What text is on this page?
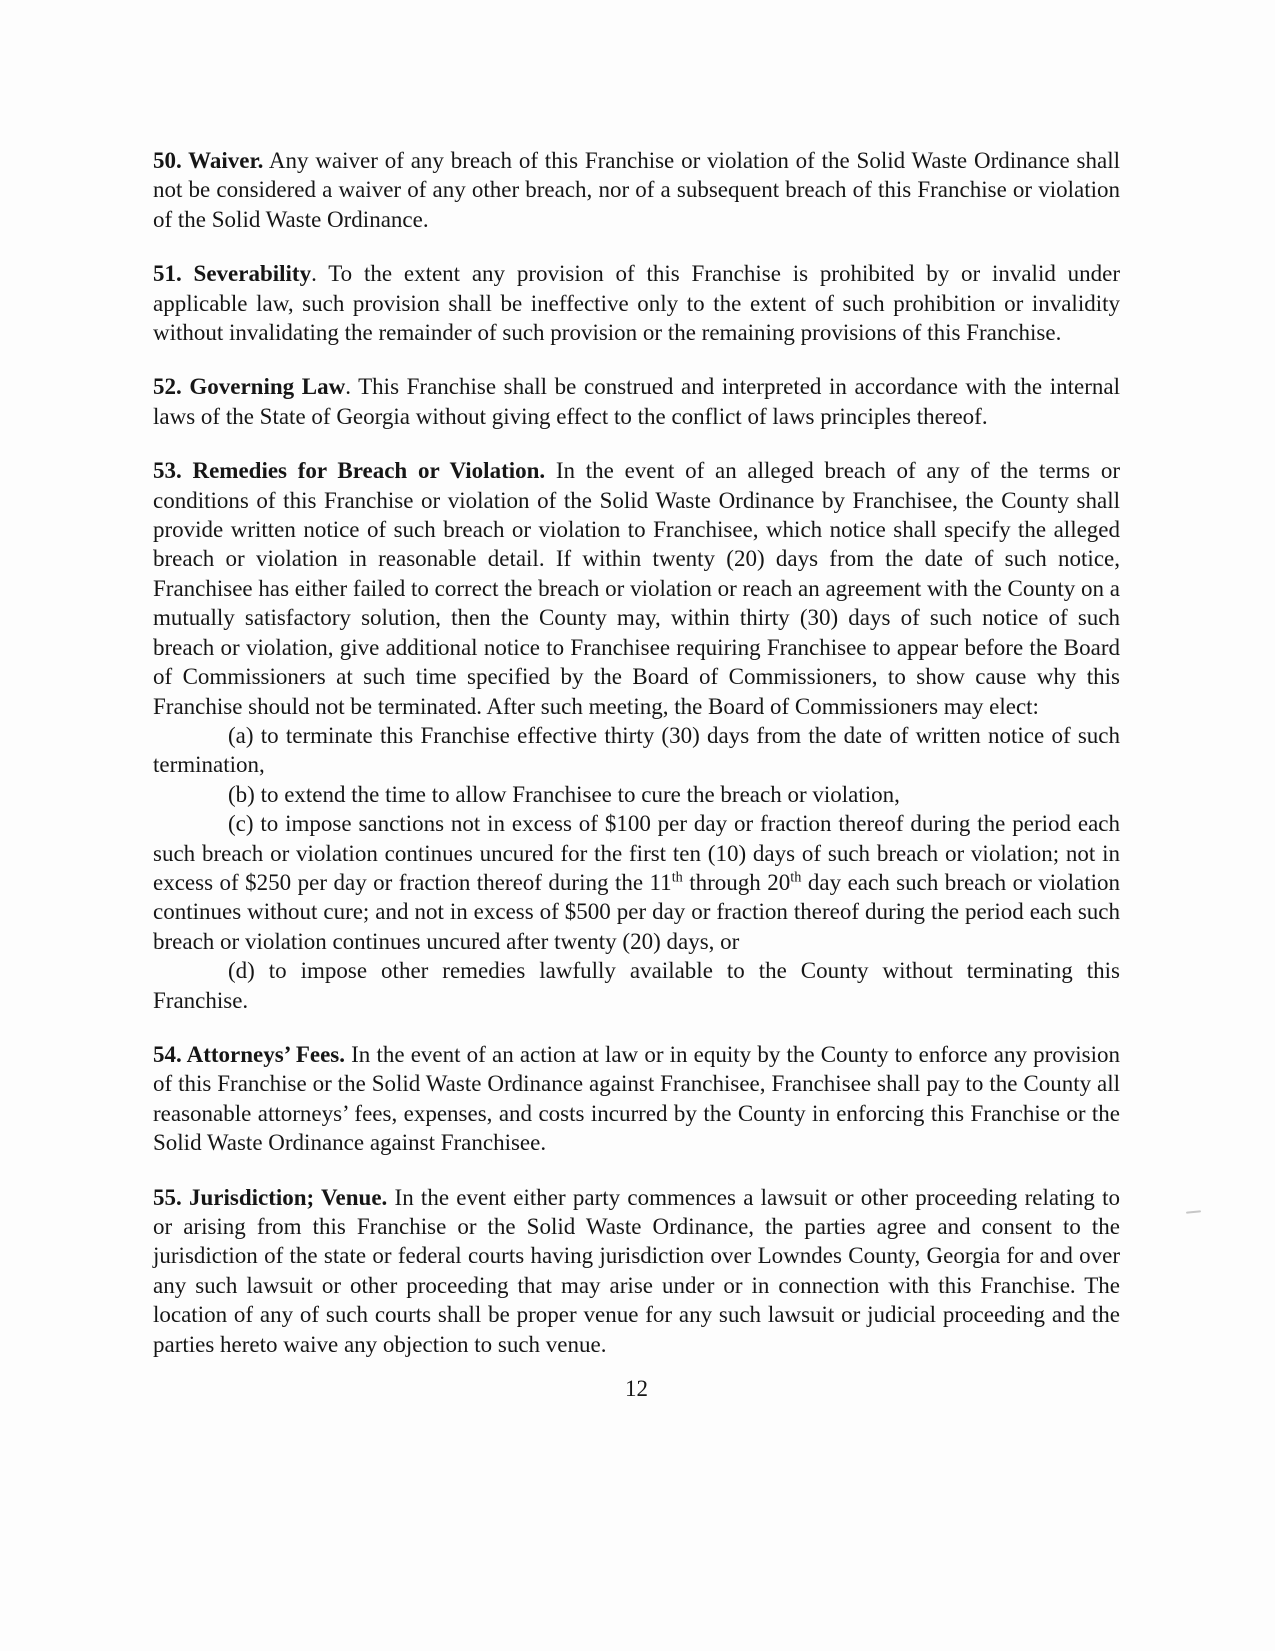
50. Waiver. Any waiver of any breach of this Franchise or violation of the Solid Waste Ordinance shall not be considered a waiver of any other breach, nor of a subsequent breach of this Franchise or violation of the Solid Waste Ordinance.

51. Severability. To the extent any provision of this Franchise is prohibited by or invalid under applicable law, such provision shall be ineffective only to the extent of such prohibition or invalidity without invalidating the remainder of such provision or the remaining provisions of this Franchise.

52. Governing Law. This Franchise shall be construed and interpreted in accordance with the internal laws of the State of Georgia without giving effect to the conflict of laws principles thereof.

53. Remedies for Breach or Violation. In the event of an alleged breach of any of the terms or conditions of this Franchise or violation of the Solid Waste Ordinance by Franchisee, the County shall provide written notice of such breach or violation to Franchisee, which notice shall specify the alleged breach or violation in reasonable detail. If within twenty (20) days from the date of such notice, Franchisee has either failed to correct the breach or violation or reach an agreement with the County on a mutually satisfactory solution, then the County may, within thirty (30) days of such notice of such breach or violation, give additional notice to Franchisee requiring Franchisee to appear before the Board of Commissioners at such time specified by the Board of Commissioners, to show cause why this Franchise should not be terminated. After such meeting, the Board of Commissioners may elect:

(a) to terminate this Franchise effective thirty (30) days from the date of written notice of such termination,

(b) to extend the time to allow Franchisee to cure the breach or violation,

(c) to impose sanctions not in excess of $100 per day or fraction thereof during the period each such breach or violation continues uncured for the first ten (10) days of such breach or violation; not in excess of $250 per day or fraction thereof during the 11th through 20th day each such breach or violation continues without cure; and not in excess of $500 per day or fraction thereof during the period each such breach or violation continues uncured after twenty (20) days, or

(d) to impose other remedies lawfully available to the County without terminating this Franchise.

54. Attorneys’ Fees. In the event of an action at law or in equity by the County to enforce any provision of this Franchise or the Solid Waste Ordinance against Franchisee, Franchisee shall pay to the County all reasonable attorneys’ fees, expenses, and costs incurred by the County in enforcing this Franchise or the Solid Waste Ordinance against Franchisee.

55. Jurisdiction; Venue. In the event either party commences a lawsuit or other proceeding relating to or arising from this Franchise or the Solid Waste Ordinance, the parties agree and consent to the jurisdiction of the state or federal courts having jurisdiction over Lowndes County, Georgia for and over any such lawsuit or other proceeding that may arise under or in connection with this Franchise. The location of any of such courts shall be proper venue for any such lawsuit or judicial proceeding and the parties hereto waive any objection to such venue.

12
